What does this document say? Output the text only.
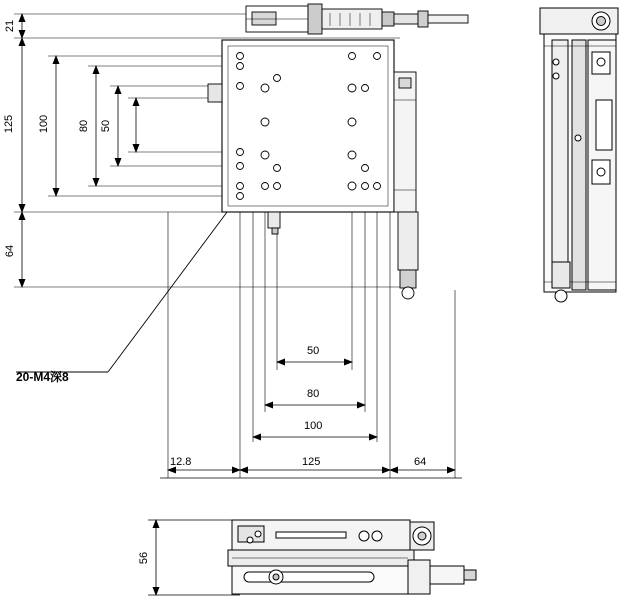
21
125 100	80 50
64
50
80
100
12.8	125	64
56
20-M4深8
